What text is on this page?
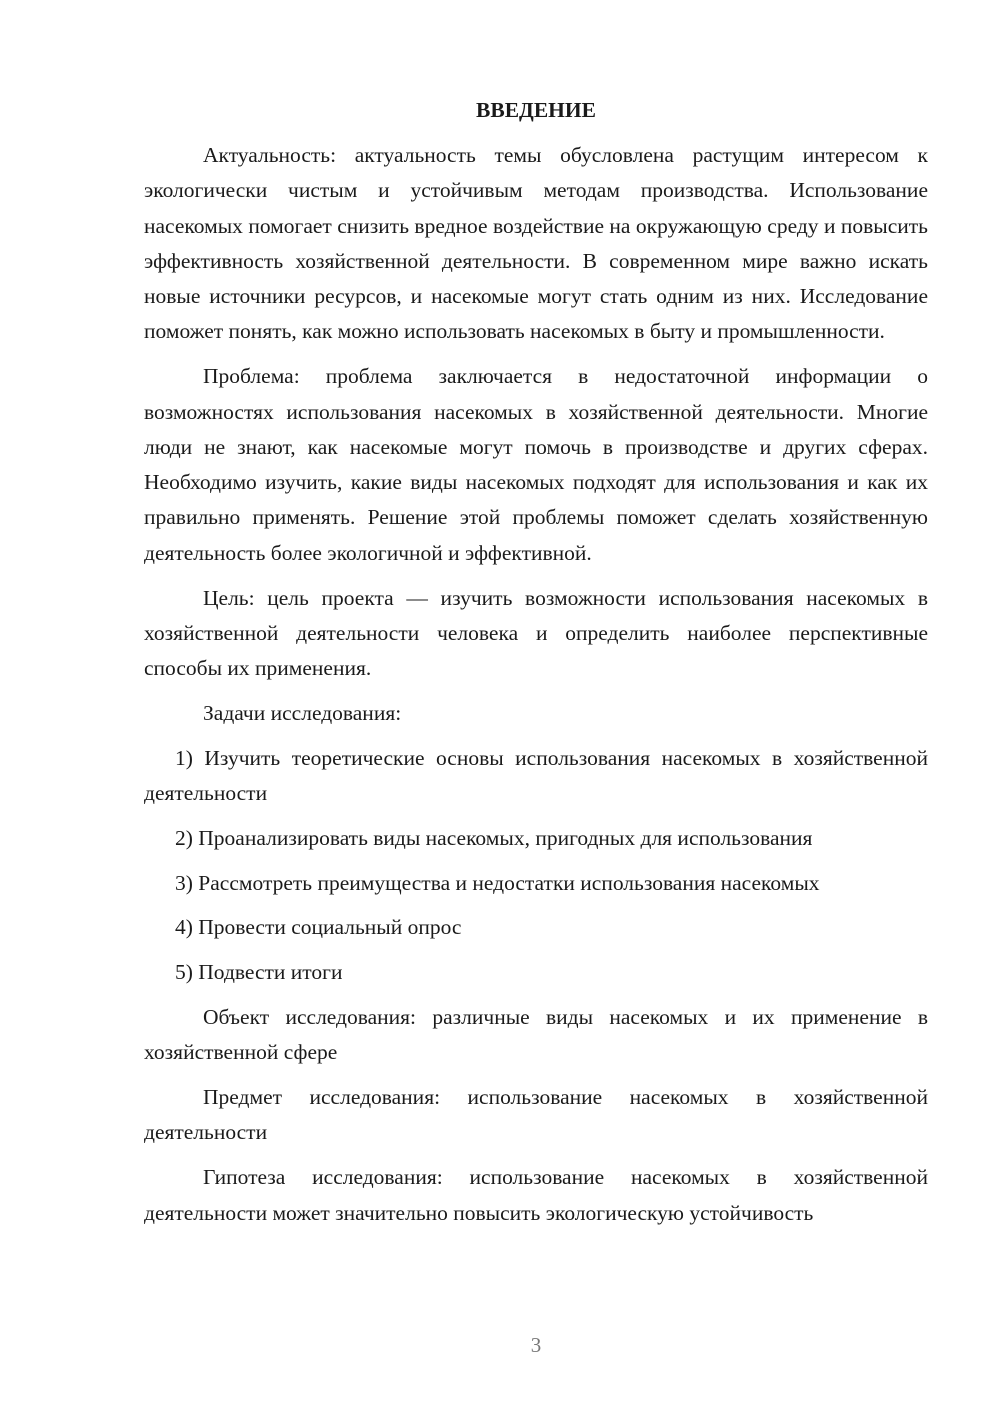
ВВЕДЕНИЕ

Актуальность: актуальность темы обусловлена растущим интересом к экологически чистым и устойчивым методам производства. Использование насекомых помогает снизить вредное воздействие на окружающую среду и повысить эффективность хозяйственной деятельности. В современном мире важно искать новые источники ресурсов, и насекомые могут стать одним из них. Исследование поможет понять, как можно использовать насекомых в быту и промышленности.

Проблема: проблема заключается в недостаточной информации о возможностях использования насекомых в хозяйственной деятельности. Многие люди не знают, как насекомые могут помочь в производстве и других сферах. Необходимо изучить, какие виды насекомых подходят для использования и как их правильно применять. Решение этой проблемы поможет сделать хозяйственную деятельность более экологичной и эффективной.

Цель: цель проекта — изучить возможности использования насекомых в хозяйственной деятельности человека и определить наиболее перспективные способы их применения.

Задачи исследования:

1) Изучить теоретические основы использования насекомых в хозяйственной деятельности

2) Проанализировать виды насекомых, пригодных для использования

3) Рассмотреть преимущества и недостатки использования насекомых

4) Провести социальный опрос

5) Подвести итоги

Объект исследования: различные виды насекомых и их применение в хозяйственной сфере

Предмет исследования: использование насекомых в хозяйственной деятельности

Гипотеза исследования: использование насекомых в хозяйственной деятельности может значительно повысить экологическую устойчивость

3
